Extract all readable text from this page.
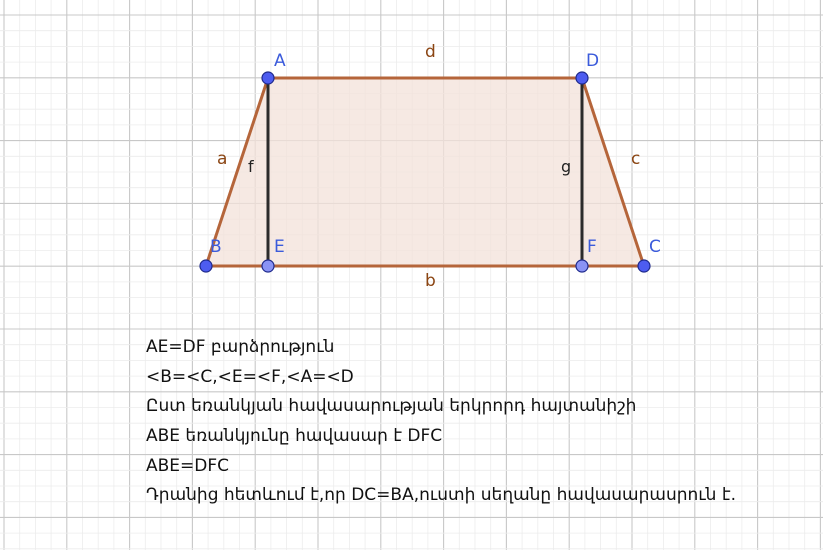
A	D
B	E	F	C
d
a	c
b
f	g
AE=DF բարձրություն
<B=<C,<E=<F,<A=<D
Ըստ եռանկյան հավասարության երկրորդ հայտանիշի
ABE եռանկյունը հավասար է DFC
ABE=DFC
Դրանից հետևում է,որ DC=BA,ուստի սեղանը հավասարասրուն է.
